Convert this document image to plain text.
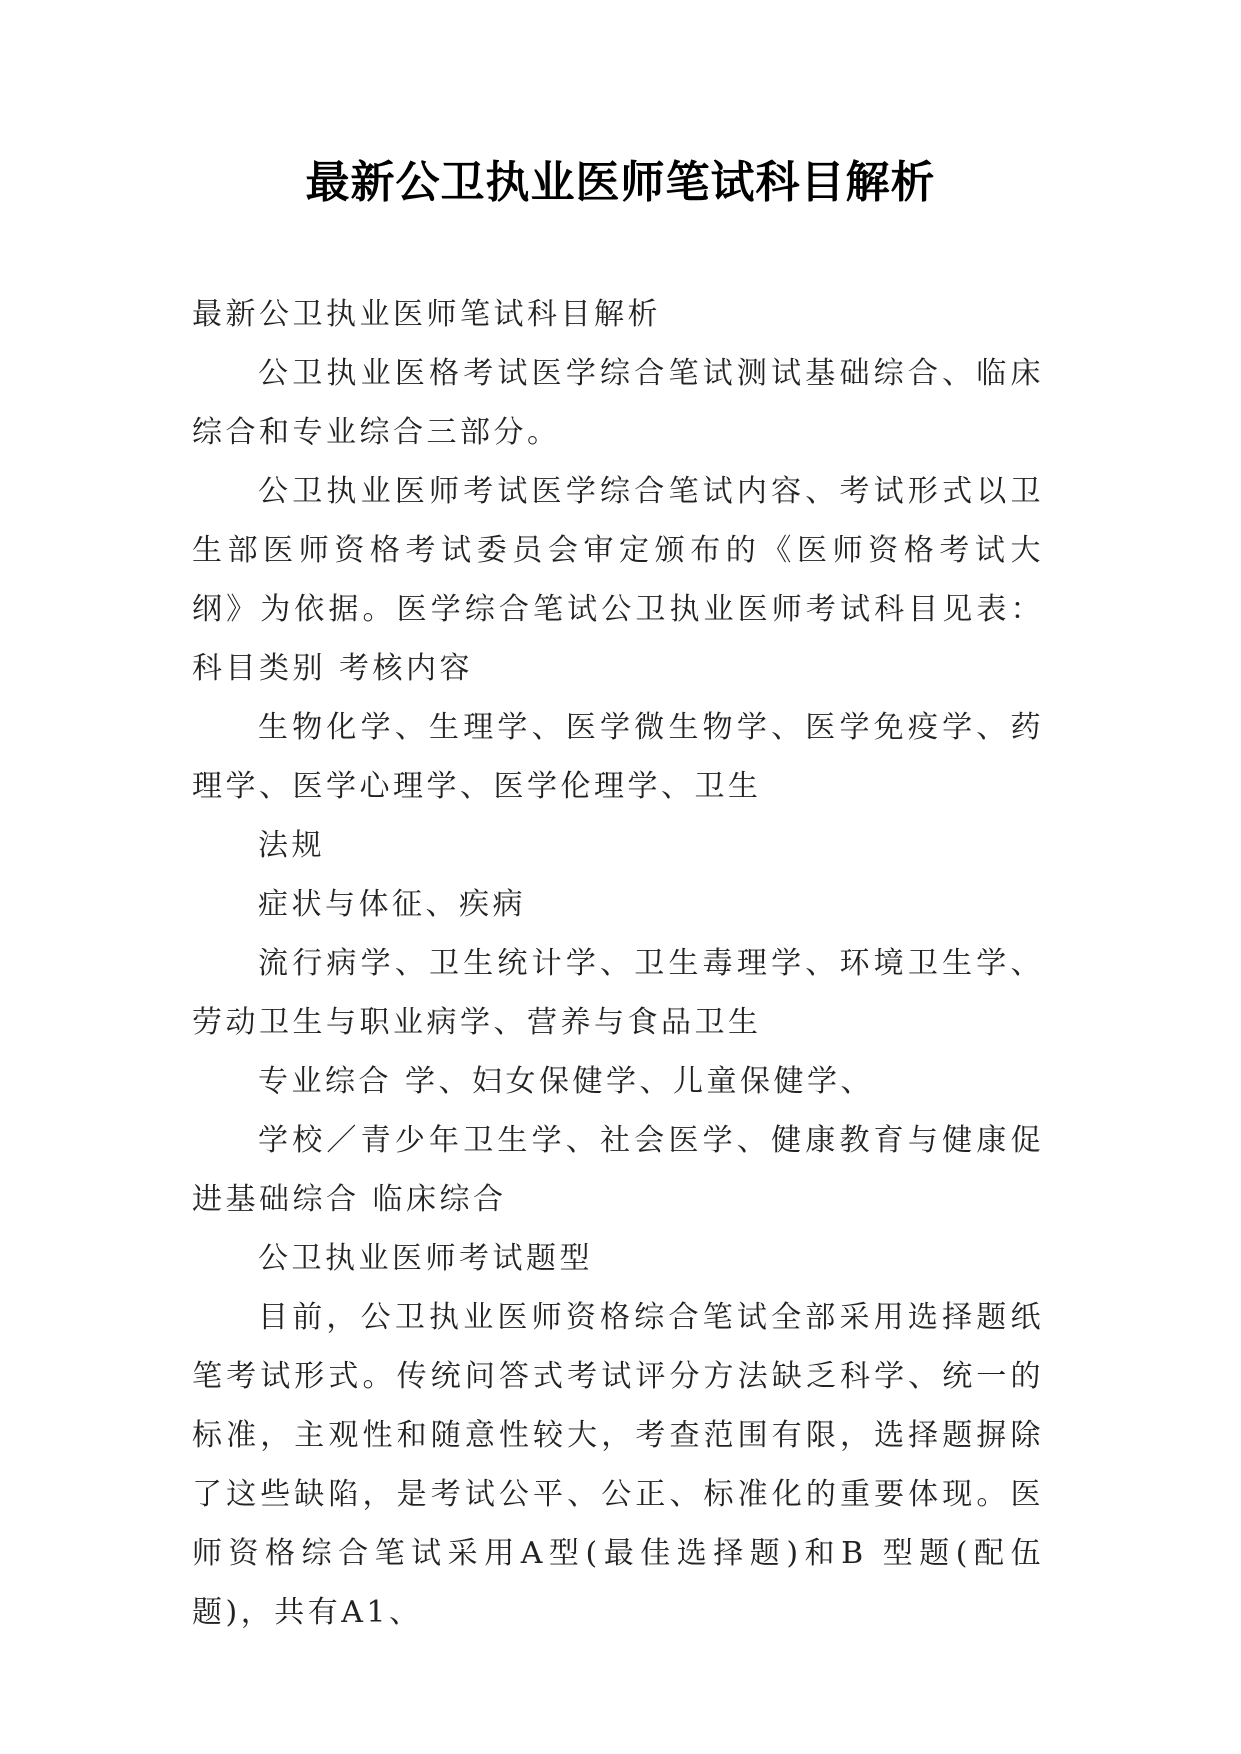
最新公卫执业医师笔试科目解析

最新公卫执业医师笔试科目解析

公卫执业医格考试医学综合笔试测试基础综合、临床综合和专业综合三部分。

公卫执业医师考试医学综合笔试内容、考试形式以卫生部医师资格考试委员会审定颁布的《医师资格考试大纲》为依据。医学综合笔试公卫执业医师考试科目见表： 科目类别 考核内容

生物化学、生理学、医学微生物学、医学免疫学、药理学、医学心理学、医学伦理学、卫生

法规

症状与体征、疾病

流行病学、卫生统计学、卫生毒理学、环境卫生学、劳动卫生与职业病学、营养与食品卫生

专业综合 学、妇女保健学、儿童保健学、

学校／青少年卫生学、社会医学、健康教育与健康促进基础综合 临床综合

公卫执业医师考试题型

目前，公卫执业医师资格综合笔试全部采用选择题纸笔考试形式。传统问答式考试评分方法缺乏科学、统一的标准，主观性和随意性较大，考查范围有限，选择题摒除了这些缺陷，是考试公平、公正、标准化的重要体现。医师资格综合笔试采用A型(最佳选择题)和B 型题(配伍题)，共有A1、
